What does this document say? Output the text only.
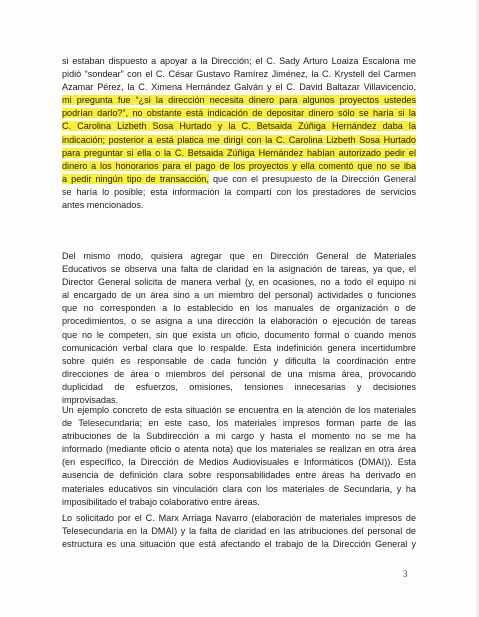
si estaban dispuesto a apoyar a la Dirección; el C. Sady Arturo Loaiza Escalona me
pidió “sondear” con el C. César Gustavo Ramírez Jiménez, la C. Krystell del Carmen
Azamar Pérez, la C. Ximena Hernández Galván y el C. David Baltazar Villavicencio,
mi pregunta fue “¿si la dirección necesita dinero para algunos proyectos ustedes
podrían darlo?”, no obstante está indicación de depositar dinero sólo se haría si la
C. Carolina Lizbeth Sosa Hurtado y la C. Betsaida Zúñiga Hernández daba la
indicación; posterior a está platica me dirigí con la C. Carolina Lizbeth Sosa Hurtado
para preguntar si ella o la C. Betsaida Zúñiga Hernández habían autorizado pedir el
dinero a los honorarios para el pago de los proyectos y ella comentó que no se iba
a pedir ningún tipo de transacción, que con el presupuesto de la Dirección General
se haría lo posible; esta información la compartí con los prestadores de servicios
antes mencionados.
Del mismo modo, quisiera agregar que en Dirección General de Materiales
Educativos se observa una falta de claridad en la asignación de tareas, ya que, el
Director General solicita de manera verbal (y, en ocasiones, no a todo el equipo ni
al encargado de un área sino a un miembro del personal) actividades o funciones
que no corresponden a lo establecido en los manuales de organización o de
procedimientos, o se asigna a una dirección la elaboración o ejecución de tareas
que no le competen, sin que exista un oficio, documento formal o cuando menos
comunicación verbal clara que lo respalde. Esta indefinición genera incertidumbre
sobre quién es responsable de cada función y dificulta la coordinación entre
direcciones de área o miembros del personal de una misma área, provocando
duplicidad de esfuerzos, omisiones, tensiones innecesarias y decisiones
improvisadas.
Un ejemplo concreto de esta situación se encuentra en la atención de los materiales
de Telesecundaria; en este caso, los materiales impresos forman parte de las
atribuciones de la Subdirección a mi cargo y hasta el momento no se me ha
informado (mediante oficio o atenta nota) que los materiales se realizan en otra área
(en específico, la Dirección de Medios Audiovisuales e Informáticos (DMAI)). Esta
ausencia de definición clara sobre responsabilidades entre áreas ha derivado en
materiales educativos sin vinculación clara con los materiales de Secundaria, y ha
imposibilitado el trabajo colaborativo entre áreas.
Lo solicitado por el C. Marx Arriaga Navarro (elaboración de materiales impresos de
Telesecundaria en la DMAI) y la falta de claridad en las atribuciones del personal de
estructura es una situación que está afectando el trabajo de la Dirección General y
3
